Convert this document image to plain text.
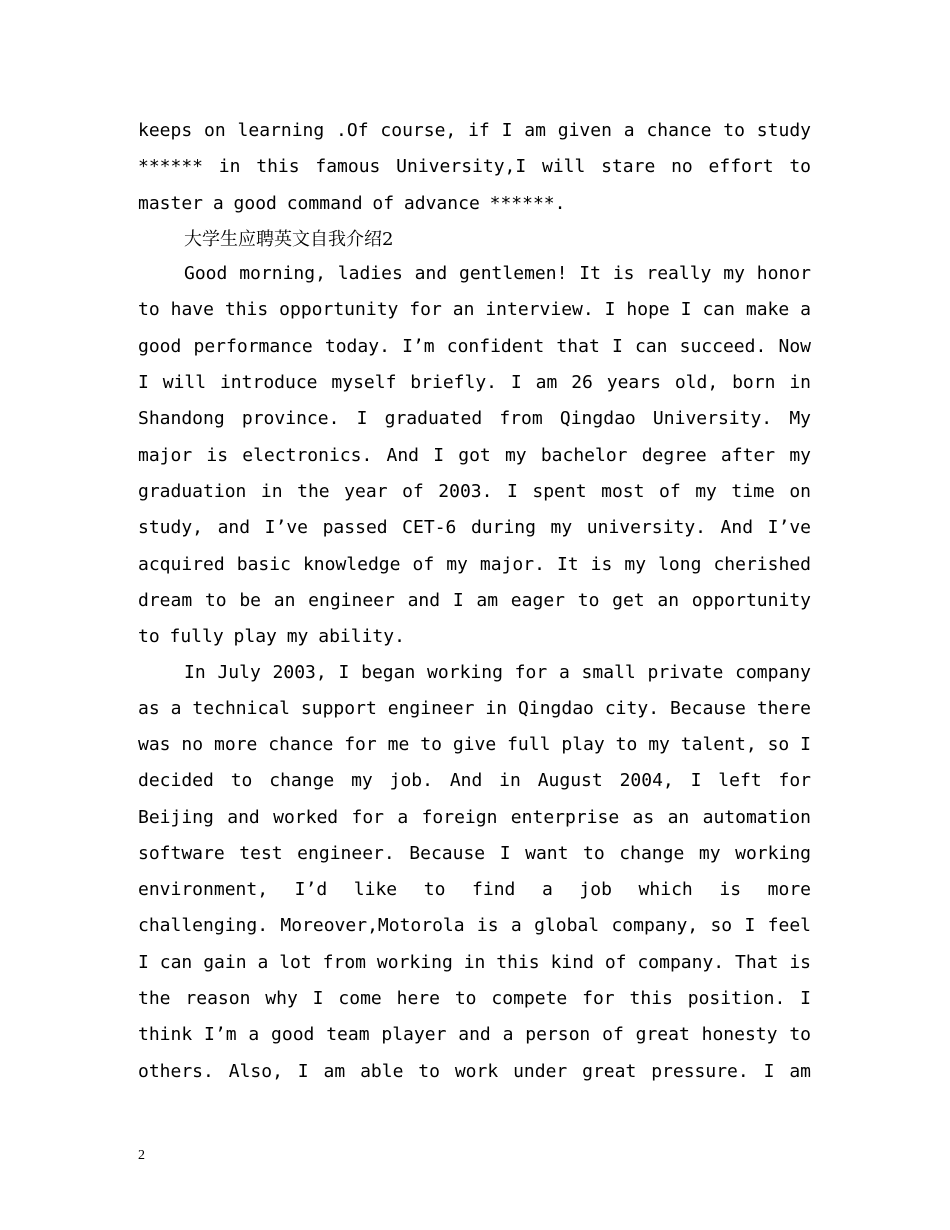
keeps on learning .Of course, if I am given a chance to study
****** in this famous University,I will stare no effort to
master a good command of advance ******.
大学生应聘英文自我介绍2
Good morning, ladies and gentlemen! It is really my honor
to have this opportunity for an interview. I hope I can make a
good performance today. I’m confident that I can succeed. Now
I will introduce myself briefly. I am 26 years old, born in
Shandong province. I graduated from Qingdao University. My
major is electronics. And I got my bachelor degree after my
graduation in the year of 2003. I spent most of my time on
study, and I’ve passed CET-6 during my university. And I’ve
acquired basic knowledge of my major. It is my long cherished
dream to be an engineer and I am eager to get an opportunity
to fully play my ability.
In July 2003, I began working for a small private company
as a technical support engineer in Qingdao city. Because there
was no more chance for me to give full play to my talent, so I
decided to change my job. And in August 2004, I left for
Beijing and worked for a foreign enterprise as an automation
software test engineer. Because I want to change my working
environment, I’d like to find a job which is more
challenging. Moreover,Motorola is a global company, so I feel
I can gain a lot from working in this kind of company. That is
the reason why I come here to compete for this position. I
think I’m a good team player and a person of great honesty to
others. Also, I am able to work under great pressure. I am
2
